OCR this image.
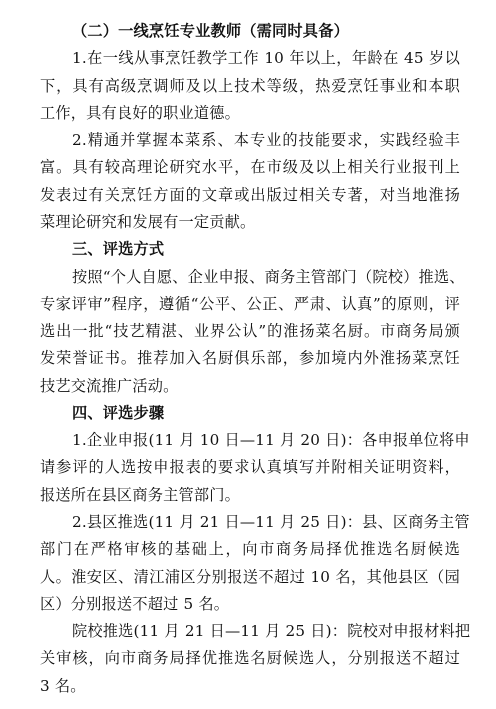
（二）一线烹饪专业教师（需同时具备）
1.在一线从事烹饪教学工作 10 年以上，年龄在 45 岁以
下，具有高级烹调师及以上技术等级，热爱烹饪事业和本职
工作，具有良好的职业道德。
2.精通并掌握本菜系、本专业的技能要求，实践经验丰
富。具有较高理论研究水平，在市级及以上相关行业报刊上
发表过有关烹饪方面的文章或出版过相关专著，对当地淮扬
菜理论研究和发展有一定贡献。
三、评选方式
按照“个人自愿、企业申报、商务主管部门（院校）推选、
专家评审”程序，遵循“公平、公正、严肃、认真”的原则，评
选出一批“技艺精湛、业界公认”的淮扬菜名厨。市商务局颁
发荣誉证书。推荐加入名厨俱乐部，参加境内外淮扬菜烹饪
技艺交流推广活动。
四、评选步骤
1.企业申报(11 月 10 日—11 月 20 日)：各申报单位将申
请参评的人选按申报表的要求认真填写并附相关证明资料，
报送所在县区商务主管部门。
2.县区推选(11 月 21 日—11 月 25 日)：县、区商务主管
部门在严格审核的基础上，向市商务局择优推选名厨候选
人。淮安区、清江浦区分别报送不超过 10 名，其他县区（园
区）分别报送不超过 5 名。
院校推选(11 月 21 日—11 月 25 日)：院校对申报材料把
关审核，向市商务局择优推选名厨候选人，分别报送不超过
3 名。
